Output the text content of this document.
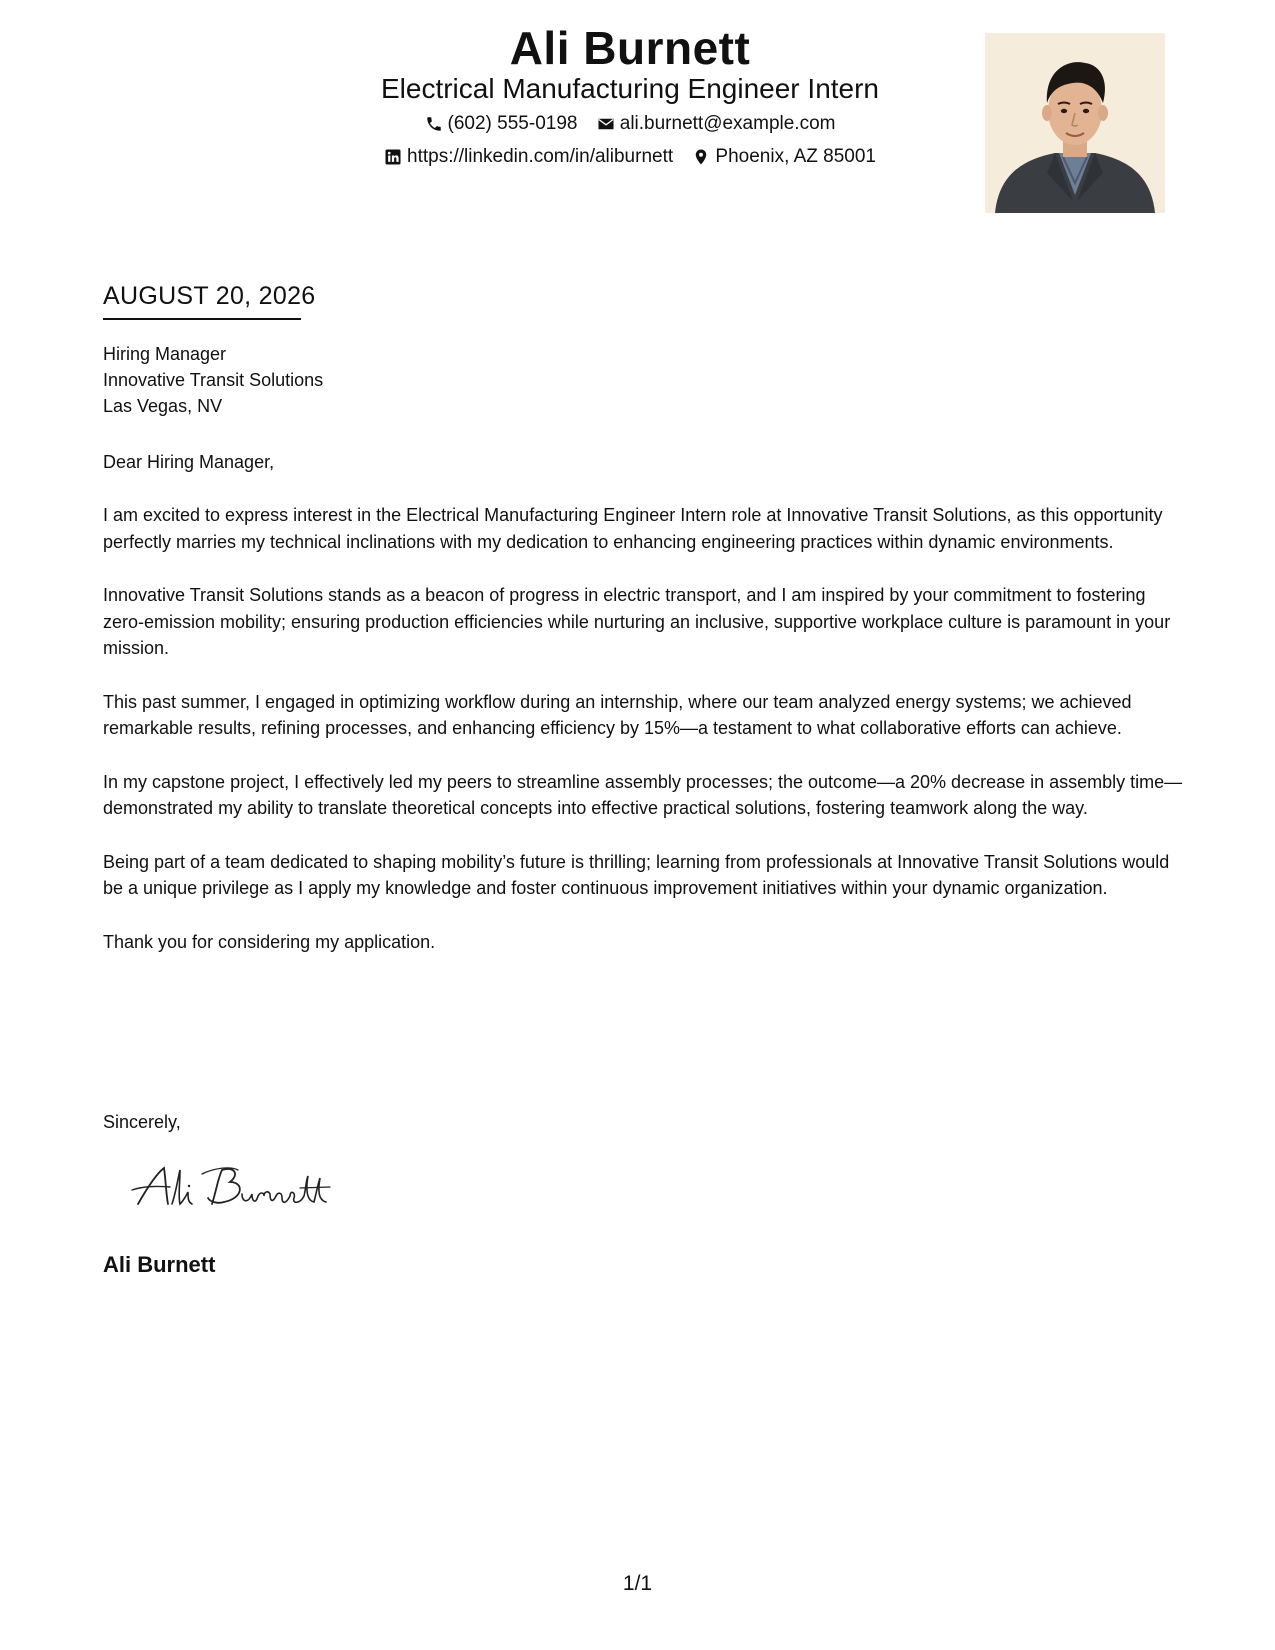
Ali Burnett
Electrical Manufacturing Engineer Intern
(602) 555-0198
ali.burnett@example.com
https://linkedin.com/in/aliburnett
Phoenix, AZ 85001
AUGUST 20, 2026
Hiring Manager
Innovative Transit Solutions
Las Vegas, NV
Dear Hiring Manager,

I am excited to express interest in the Electrical Manufacturing Engineer Intern role at Innovative Transit Solutions, as this opportunity perfectly marries my technical inclinations with my dedication to enhancing engineering practices within dynamic environments.

Innovative Transit Solutions stands as a beacon of progress in electric transport, and I am inspired by your commitment to fostering zero-emission mobility; ensuring production efficiencies while nurturing an inclusive, supportive workplace culture is paramount in your mission.

This past summer, I engaged in optimizing workflow during an internship, where our team analyzed energy systems; we achieved remarkable results, refining processes, and enhancing efficiency by 15%—a testament to what collaborative efforts can achieve.

In my capstone project, I effectively led my peers to streamline assembly processes; the outcome—a 20% decrease in assembly time—demonstrated my ability to translate theoretical concepts into effective practical solutions, fostering teamwork along the way.

Being part of a team dedicated to shaping mobility’s future is thrilling; learning from professionals at Innovative Transit Solutions would be a unique privilege as I apply my knowledge and foster continuous improvement initiatives within your dynamic organization.

Thank you for considering my application.

Sincerely,
Ali Burnett
1/1
